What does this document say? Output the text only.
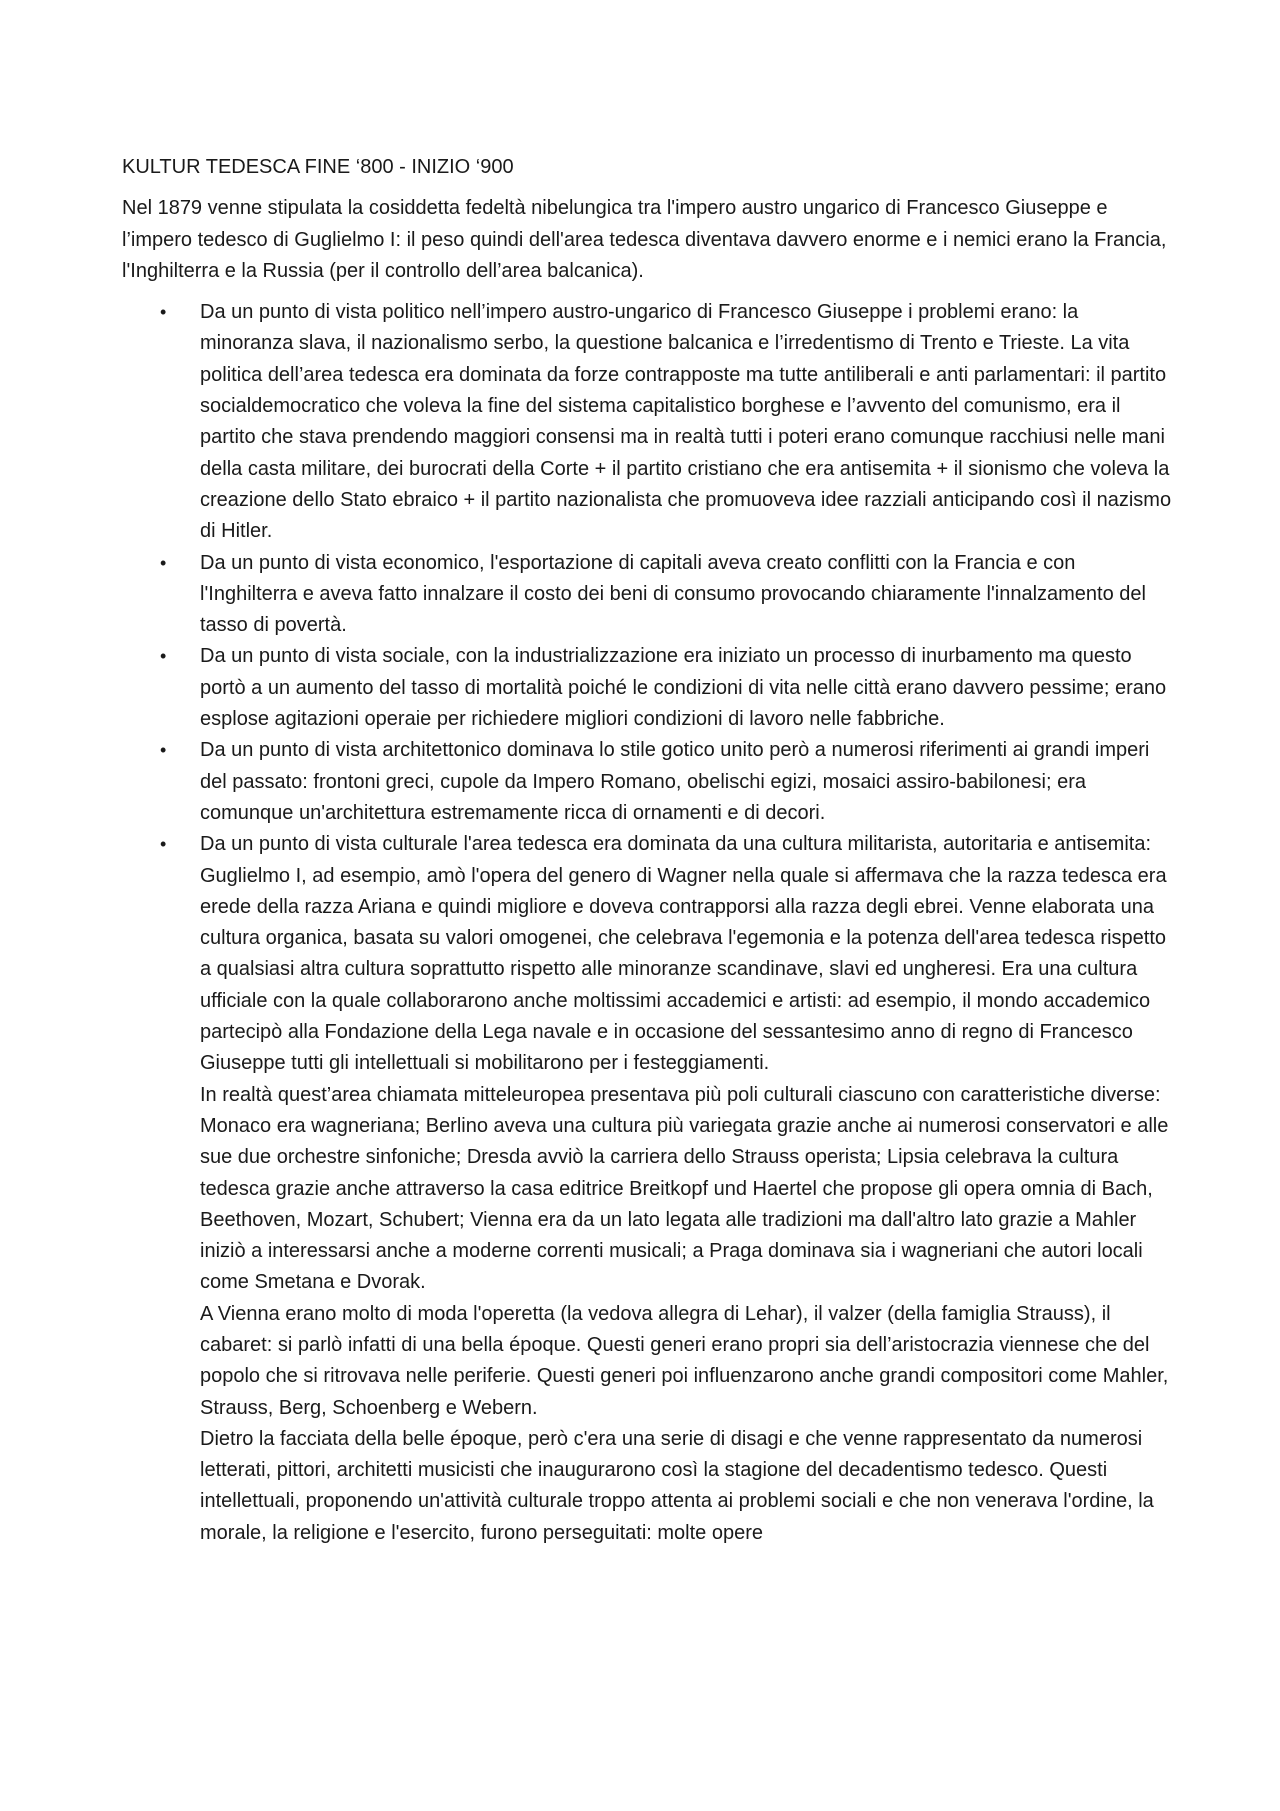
KULTUR TEDESCA FINE ‘800 - INIZIO ‘900

Nel 1879 venne stipulata la cosiddetta fedeltà nibelungica tra l'impero austro ungarico di Francesco Giuseppe e l’impero tedesco di Guglielmo I: il peso quindi dell'area tedesca diventava davvero enorme e i nemici erano la Francia, l'Inghilterra e la Russia (per il controllo dell’area balcanica).

• Da un punto di vista politico nell’impero austro-ungarico di Francesco Giuseppe i problemi erano: la minoranza slava, il nazionalismo serbo, la questione balcanica e l’irredentismo di Trento e Trieste. La vita politica dell’area tedesca era dominata da forze contrapposte ma tutte antiliberali e anti parlamentari: il partito socialdemocratico che voleva la fine del sistema capitalistico borghese e l’avvento del comunismo, era il partito che stava prendendo maggiori consensi ma in realtà tutti i poteri erano comunque racchiusi nelle mani della casta militare, dei burocrati della Corte + il partito cristiano che era antisemita + il sionismo che voleva la creazione dello Stato ebraico + il partito nazionalista che promuoveva idee razziali anticipando così il nazismo di Hitler.
• Da un punto di vista economico, l'esportazione di capitali aveva creato conflitti con la Francia e con l'Inghilterra e aveva fatto innalzare il costo dei beni di consumo provocando chiaramente l'innalzamento del tasso di povertà.
• Da un punto di vista sociale, con la industrializzazione era iniziato un processo di inurbamento ma questo portò a un aumento del tasso di mortalità poiché le condizioni di vita nelle città erano davvero pessime; erano esplose agitazioni operaie per richiedere migliori condizioni di lavoro nelle fabbriche.
• Da un punto di vista architettonico dominava lo stile gotico unito però a numerosi riferimenti ai grandi imperi del passato: frontoni greci, cupole da Impero Romano, obelischi egizi, mosaici assiro-babilonesi; era comunque un'architettura estremamente ricca di ornamenti e di decori.
• Da un punto di vista culturale l'area tedesca era dominata da una cultura militarista, autoritaria e antisemita: Guglielmo I, ad esempio, amò l'opera del genero di Wagner nella quale si affermava che la razza tedesca era erede della razza Ariana e quindi migliore e doveva contrapporsi alla razza degli ebrei. Venne elaborata una cultura organica, basata su valori omogenei, che celebrava l'egemonia e la potenza dell'area tedesca rispetto a qualsiasi altra cultura soprattutto rispetto alle minoranze scandinave, slavi ed ungheresi. Era una cultura ufficiale con la quale collaborarono anche moltissimi accademici e artisti: ad esempio, il mondo accademico partecipò alla Fondazione della Lega navale e in occasione del sessantesimo anno di regno di Francesco Giuseppe tutti gli intellettuali si mobilitarono per i festeggiamenti.
In realtà quest’area chiamata mitteleuropea presentava più poli culturali ciascuno con caratteristiche diverse: Monaco era wagneriana; Berlino aveva una cultura più variegata grazie anche ai numerosi conservatori e alle sue due orchestre sinfoniche; Dresda avviò la carriera dello Strauss operista; Lipsia celebrava la cultura tedesca grazie anche attraverso la casa editrice Breitkopf und Haertel che propose gli opera omnia di Bach, Beethoven, Mozart, Schubert; Vienna era da un lato legata alle tradizioni ma dall'altro lato grazie a Mahler iniziò a interessarsi anche a moderne correnti musicali; a Praga dominava sia i wagneriani che autori locali come Smetana e Dvorak.
A Vienna erano molto di moda l'operetta (la vedova allegra di Lehar), il valzer (della famiglia Strauss), il cabaret: si parlò infatti di una bella époque. Questi generi erano propri sia dell’aristocrazia viennese che del popolo che si ritrovava nelle periferie. Questi generi poi influenzarono anche grandi compositori come Mahler, Strauss, Berg, Schoenberg e Webern.
Dietro la facciata della belle époque, però c'era una serie di disagi e che venne rappresentato da numerosi letterati, pittori, architetti musicisti che inaugurarono così la stagione del decadentismo tedesco. Questi intellettuali, proponendo un'attività culturale troppo attenta ai problemi sociali e che non venerava l'ordine, la morale, la religione e l'esercito, furono perseguitati: molte opere
